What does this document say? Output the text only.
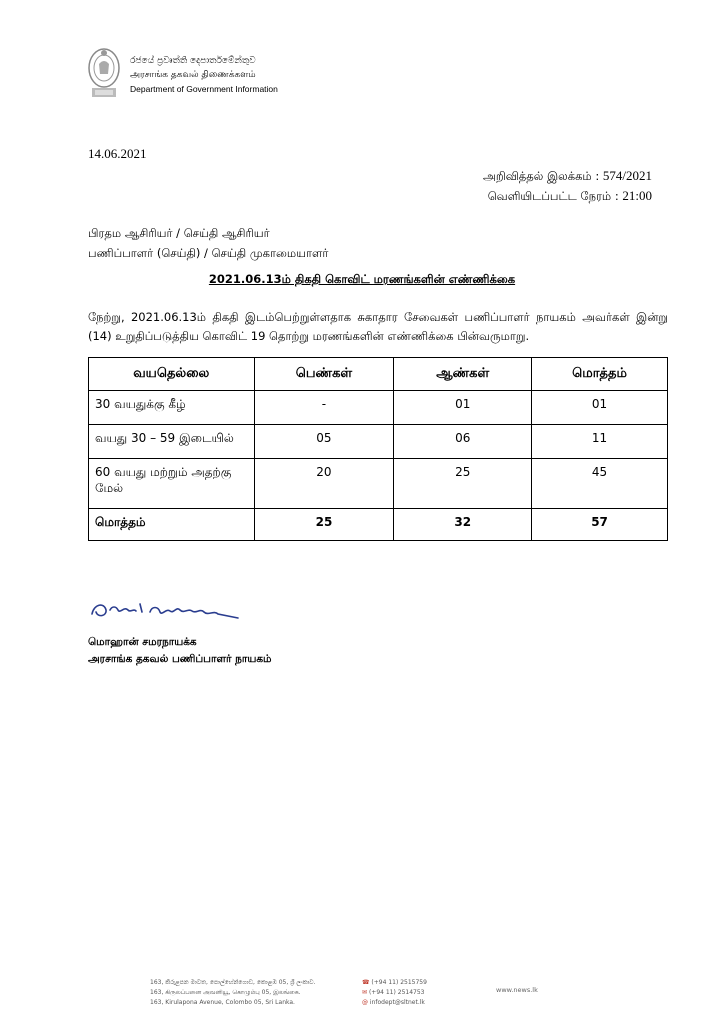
රජයේ ප්‍රවෘත්ති දෙපාර්තමේන්තුව
அரசாங்க தகவல் திணைக்களம்
Department of Government Information
14.06.2021
அறிவித்தல் இலக்கம் : 574/2021
வெளியிடப்பட்ட நேரம் : 21:00
பிரதம ஆசிரியர் / செய்தி ஆசிரியர்
பணிப்பாளர் (செய்தி) / செய்தி முகாமையாளர்
2021.06.13ம் திகதி கொவிட் மரணங்களின் எண்ணிக்கை
நேற்று, 2021.06.13ம் திகதி இடம்பெற்றுள்ளதாக சுகாதார சேவைகள் பணிப்பாளர் நாயகம் அவர்கள் இன்று (14) உறுதிப்படுத்திய கொவிட் 19 தொற்று மரணங்களின் எண்ணிக்கை பின்வருமாறு.
வயதெல்லை	பெண்கள்	ஆண்கள்	மொத்தம்
30 வயதுக்கு கீழ்	-	01	01
வயது 30 – 59 இடையில்	05	06	11
60 வயது மற்றும் அதற்கு மேல்	20	25	45
மொத்தம்	25	32	57
மொஹான் சமரநாயக்க
அரசாங்க தகவல் பணிப்பாளர் நாயகம்
163, කිරුළපන මාවත, පොල්හේන්ගොඩ, කොළඹ 05, ශ්‍රී ලංකාව.
163, கிருலப்பனை அவனியூ, கொழும்பு 05, இலங்கை.
163, Kirulapona Avenue, Colombo 05, Sri Lanka.
☎ (+94 11) 2515759
✉ (+94 11) 2514753
@ infodept@sltnet.lk
www.news.lk
